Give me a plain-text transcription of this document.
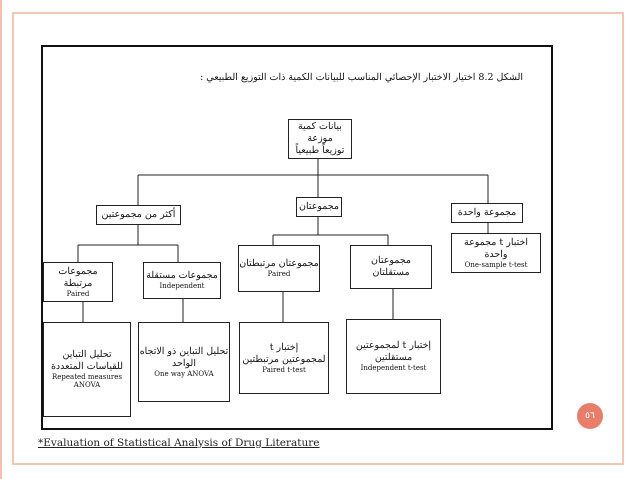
الشكل 8.2 اختيار الاختبار الإحصائي المناسب للبيانات الكمية ذات التوزيع الطبيعي :
بيانات كمية موزعة
توزيعاً طبيعياً
أكثر من مجموعتين
مجموعتان
مجموعة واحدة
مجموعات مرتبطة
Paired
مجموعات مستقلة
Independent
مجموعتان مرتبطتان
Paired
مجموعتان مستقلتان
اختبار t مجموعة واحدة
One-sample t-test
تحليل التباين
للقياسات المتعددة
Repeated measures
ANOVA
تحليل التباين ذو الاتجاه
الواحد
One way ANOVA
إختبار t
لمجموعتين مرتبطتين
Paired t-test
إختبار t لمجموعتين
مستقلتين
Independent t-test
٥٦
*Evaluation of Statistical Analysis of Drug Literature
